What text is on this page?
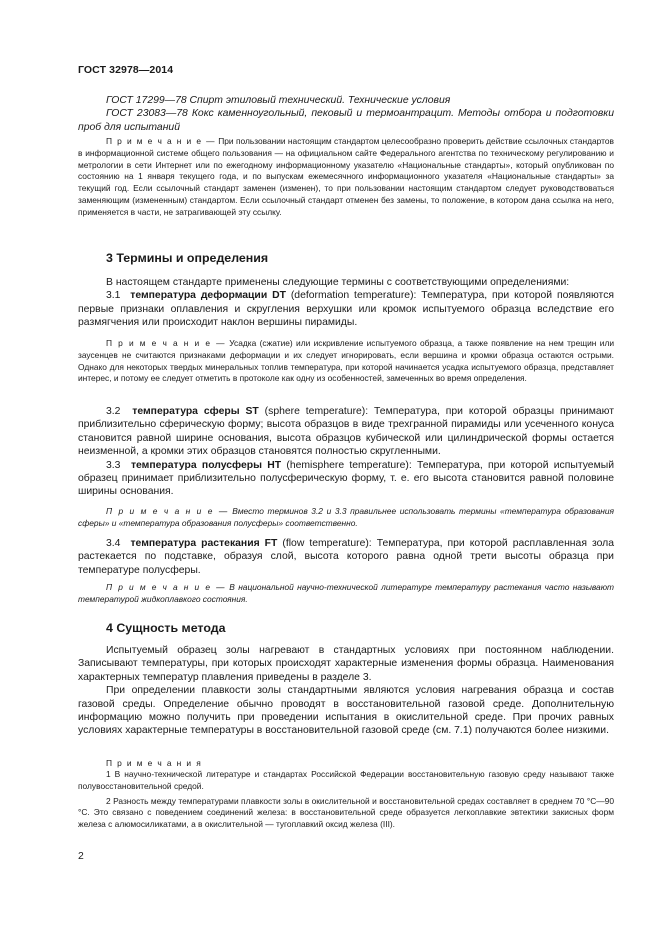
ГОСТ 32978—2014

ГОСТ 17299—78 Спирт этиловый технический. Технические условия

ГОСТ 23083—78 Кокс каменноугольный, пековый и термоантрацит. Методы отбора и подготовки проб для испытаний

П р и м е ч а н и е — При пользовании настоящим стандартом целесообразно проверить действие ссылочных стандартов в информационной системе общего пользования — на официальном сайте Федерального агентства по техническому регулированию и метрологии в сети Интернет или по ежегодному информационному указателю «Национальные стандарты», который опубликован по состоянию на 1 января текущего года, и по выпускам ежемесячного информационного указателя «Национальные стандарты» за текущий год. Если ссылочный стандарт заменен (изменен), то при пользовании настоящим стандартом следует руководствоваться заменяющим (измененным) стандартом. Если ссылочный стандарт отменен без замены, то положение, в котором дана ссылка на него, применяется в части, не затрагивающей эту ссылку.

3 Термины и определения

В настоящем стандарте применены следующие термины с соответствующими определениями:

3.1 температура деформации DT (deformation temperature): Температура, при которой появляются первые признаки оплавления и скругления верхушки или кромок испытуемого образца вследствие его размягчения или происходит наклон вершины пирамиды.

П р и м е ч а н и е — Усадка (сжатие) или искривление испытуемого образца, а также появление на нем трещин или заусенцев не считаются признаками деформации и их следует игнорировать, если вершина и кромки образца остаются острыми. Однако для некоторых твердых минеральных топлив температура, при которой начинается усадка испытуемого образца, представляет интерес, и потому ее следует отметить в протоколе как одну из особенностей, замеченных во время определения.

3.2 температура сферы ST (sphere temperature): Температура, при которой образцы принимают приблизительно сферическую форму; высота образцов в виде трехгранной пирамиды или усеченного конуса становится равной ширине основания, высота образцов кубической или цилиндрической формы остается неизменной, а кромки этих образцов становятся полностью скругленными.

3.3 температура полусферы HT (hemisphere temperature): Температура, при которой испытуемый образец принимает приблизительно полусферическую форму, т. е. его высота становится равной половине ширины основания.

П р и м е ч а н и е — Вместо терминов 3.2 и 3.3 правильнее использовать термины «температура образования сферы» и «температура образования полусферы» соответственно.

3.4 температура растекания FT (flow temperature): Температура, при которой расплавленная зола растекается по подставке, образуя слой, высота которого равна одной трети высоты образца при температуре полусферы.

П р и м е ч а н и е — В национальной научно-технической литературе температуру растекания часто называют температурой жидкоплавкого состояния.

4 Сущность метода

Испытуемый образец золы нагревают в стандартных условиях при постоянном наблюдении. Записывают температуры, при которых происходят характерные изменения формы образца. Наименования характерных температур плавления приведены в разделе 3.

При определении плавкости золы стандартными являются условия нагревания образца и состав газовой среды. Определение обычно проводят в восстановительной газовой среде. Дополнительную информацию можно получить при проведении испытания в окислительной среде. При прочих равных условиях характерные температуры в восстановительной газовой среде (см. 7.1) получаются более низкими.

П р и м е ч а н и я

1 В научно-технической литературе и стандартах Российской Федерации восстановительную газовую среду называют также полувосстановительной средой.

2 Разность между температурами плавкости золы в окислительной и восстановительной средах составляет в среднем 70 °С—90 °С. Это связано с поведением соединений железа: в восстановительной среде образуется легкоплавкие эвтектики закисных форм железа с алюмосиликатами, а в окислительной — тугоплавкий оксид железа (III).

2
